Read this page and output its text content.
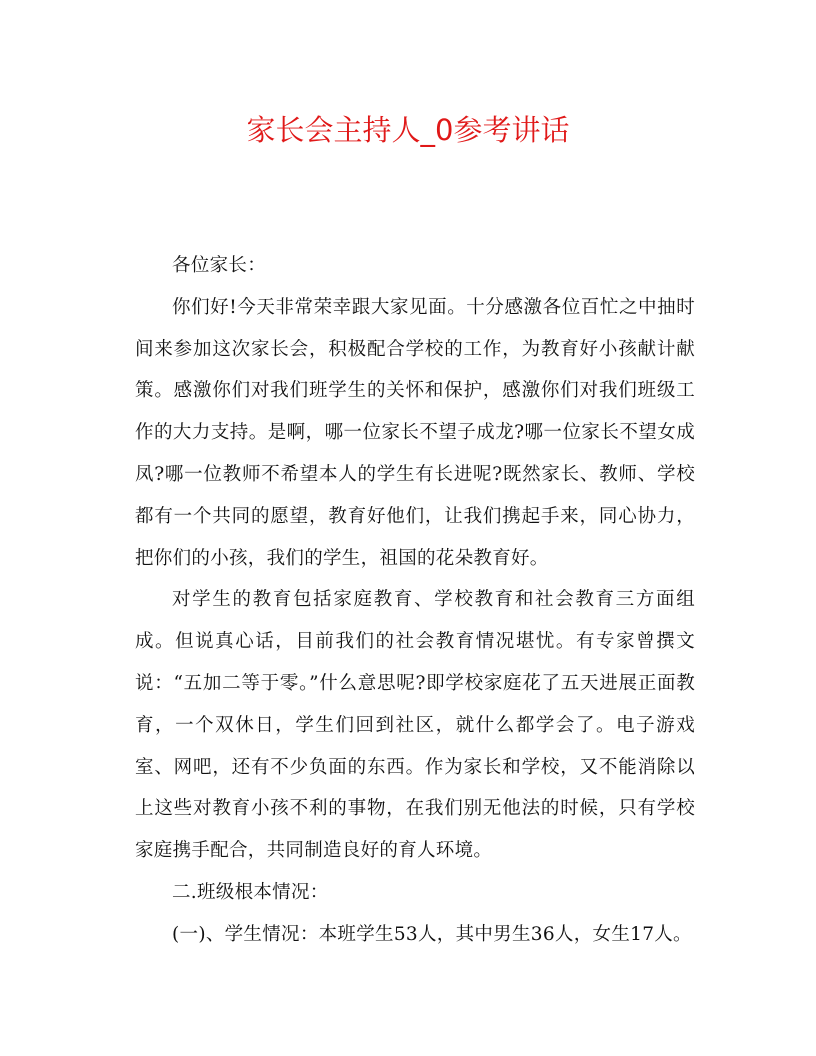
家长会主持人_0参考讲话

各位家长：

你们好!今天非常荣幸跟大家见面。十分感激各位百忙之中抽时间来参加这次家长会，积极配合学校的工作，为教育好小孩献计献策。感激你们对我们班学生的关怀和保护，感激你们对我们班级工作的大力支持。是啊，哪一位家长不望子成龙?哪一位家长不望女成凤?哪一位教师不希望本人的学生有长进呢?既然家长、教师、学校都有一个共同的愿望，教育好他们，让我们携起手来，同心协力，把你们的小孩，我们的学生，祖国的花朵教育好。

对学生的教育包括家庭教育、学校教育和社会教育三方面组成。但说真心话，目前我们的社会教育情况堪忧。有专家曾撰文说：“五加二等于零。”什么意思呢?即学校家庭花了五天进展正面教育，一个双休日，学生们回到社区，就什么都学会了。电子游戏室、网吧，还有不少负面的东西。作为家长和学校，又不能消除以上这些对教育小孩不利的事物，在我们别无他法的时候，只有学校家庭携手配合，共同制造良好的育人环境。

二.班级根本情况：

(一)、学生情况：本班学生53人，其中男生36人，女生17人。
